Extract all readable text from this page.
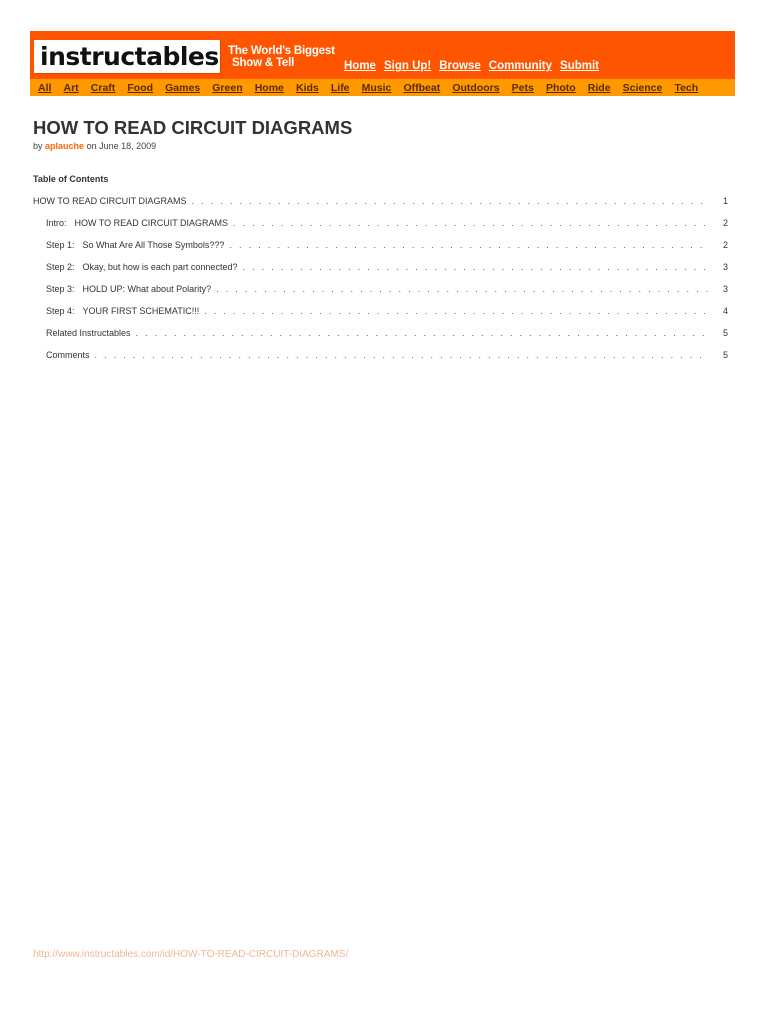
instructables The World's Biggest
Show & Tell	Home Sign Up! Browse Community Submit
All Art Craft Food Games Green Home Kids Life Music Offbeat Outdoors Pets Photo Ride Science Tech
HOW TO READ CIRCUIT DIAGRAMS
by aplauche on June 18, 2009
Table of Contents
HOW TO READ CIRCUIT DIAGRAMS . . .	1
Intro: HOW TO READ CIRCUIT DIAGRAMS . . .	2
Step 1: So What Are All Those Symbols??? . . .	2
Step 2: Okay, but how is each part connected? . . .	3
Step 3: HOLD UP: What about Polarity? . . .	3
Step 4: YOUR FIRST SCHEMATIC!!! . . .	4
Related Instructables . . .	5
Comments . . .	5
http://www.instructables.com/id/HOW-TO-READ-CIRCUIT-DIAGRAMS/
